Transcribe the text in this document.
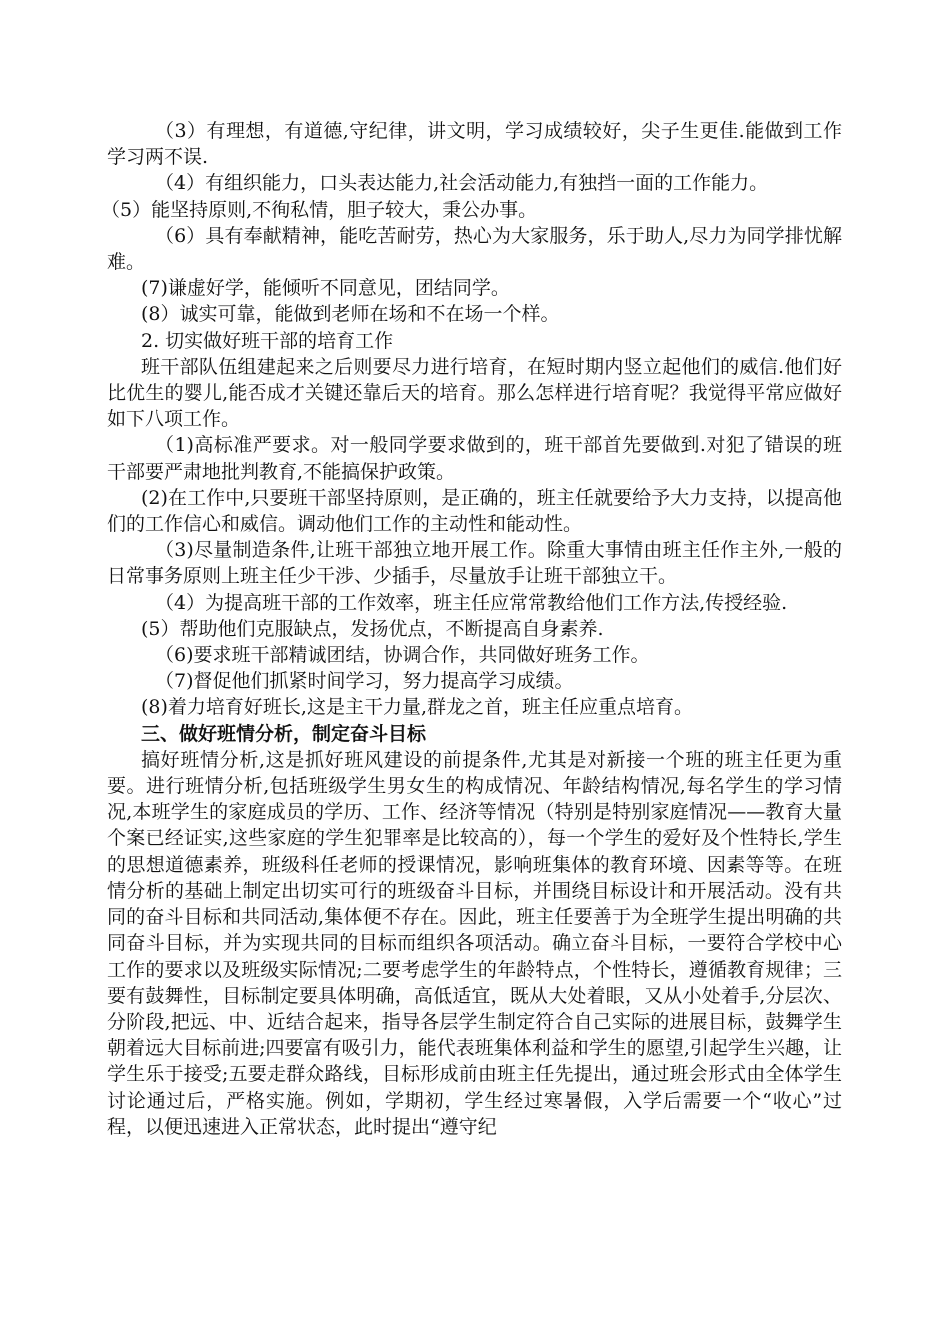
（3）有理想，有道德,守纪律，讲文明，学习成绩较好，尖子生更佳.能做到工作学习两不误.

（4）有组织能力，口头表达能力,社会活动能力,有独挡一面的工作能力。

（5）能坚持原则,不徇私情，胆子较大，秉公办事。

（6）具有奉献精神，能吃苦耐劳，热心为大家服务，乐于助人,尽力为同学排忧解难。

(7)谦虚好学，能倾听不同意见，团结同学。

(8）诚实可靠，能做到老师在场和不在场一个样。

2. 切实做好班干部的培育工作

班干部队伍组建起来之后则要尽力进行培育，在短时期内竖立起他们的威信.他们好比优生的婴儿,能否成才关键还靠后天的培育。那么怎样进行培育呢？我觉得平常应做好如下八项工作。

（1)高标准严要求。对一般同学要求做到的，班干部首先要做到.对犯了错误的班干部要严肃地批判教育,不能搞保护政策。

(2)在工作中,只要班干部坚持原则，是正确的，班主任就要给予大力支持，以提高他们的工作信心和威信。调动他们工作的主动性和能动性。

（3)尽量制造条件,让班干部独立地开展工作。除重大事情由班主任作主外,一般的日常事务原则上班主任少干涉、少插手，尽量放手让班干部独立干。

（4）为提高班干部的工作效率，班主任应常常教给他们工作方法,传授经验.

(5）帮助他们克服缺点，发扬优点，不断提高自身素养.

（6)要求班干部精诚团结，协调合作，共同做好班务工作。

（7)督促他们抓紧时间学习，努力提高学习成绩。

(8)着力培育好班长,这是主干力量,群龙之首，班主任应重点培育。

三、做好班情分析，制定奋斗目标

搞好班情分析,这是抓好班风建设的前提条件,尤其是对新接一个班的班主任更为重要。进行班情分析,包括班级学生男女生的构成情况、年龄结构情况,每名学生的学习情况,本班学生的家庭成员的学历、工作、经济等情况（特别是特别家庭情况——教育大量个案已经证实,这些家庭的学生犯罪率是比较高的），每一个学生的爱好及个性特长,学生的思想道德素养，班级科任老师的授课情况，影响班集体的教育环境、因素等等。在班情分析的基础上制定出切实可行的班级奋斗目标，并围绕目标设计和开展活动。没有共同的奋斗目标和共同活动,集体便不存在。因此，班主任要善于为全班学生提出明确的共同奋斗目标，并为实现共同的目标而组织各项活动。确立奋斗目标，一要符合学校中心工作的要求以及班级实际情况;二要考虑学生的年龄特点，个性特长，遵循教育规律；三要有鼓舞性，目标制定要具体明确，高低适宜，既从大处着眼，又从小处着手,分层次、分阶段,把远、中、近结合起来，指导各层学生制定符合自己实际的进展目标，鼓舞学生朝着远大目标前进;四要富有吸引力，能代表班集体利益和学生的愿望,引起学生兴趣，让学生乐于接受;五要走群众路线，目标形成前由班主任先提出，通过班会形式由全体学生讨论通过后，严格实施。例如，学期初，学生经过寒暑假，入学后需要一个“收心”过程，以便迅速进入正常状态，此时提出“遵守纪
